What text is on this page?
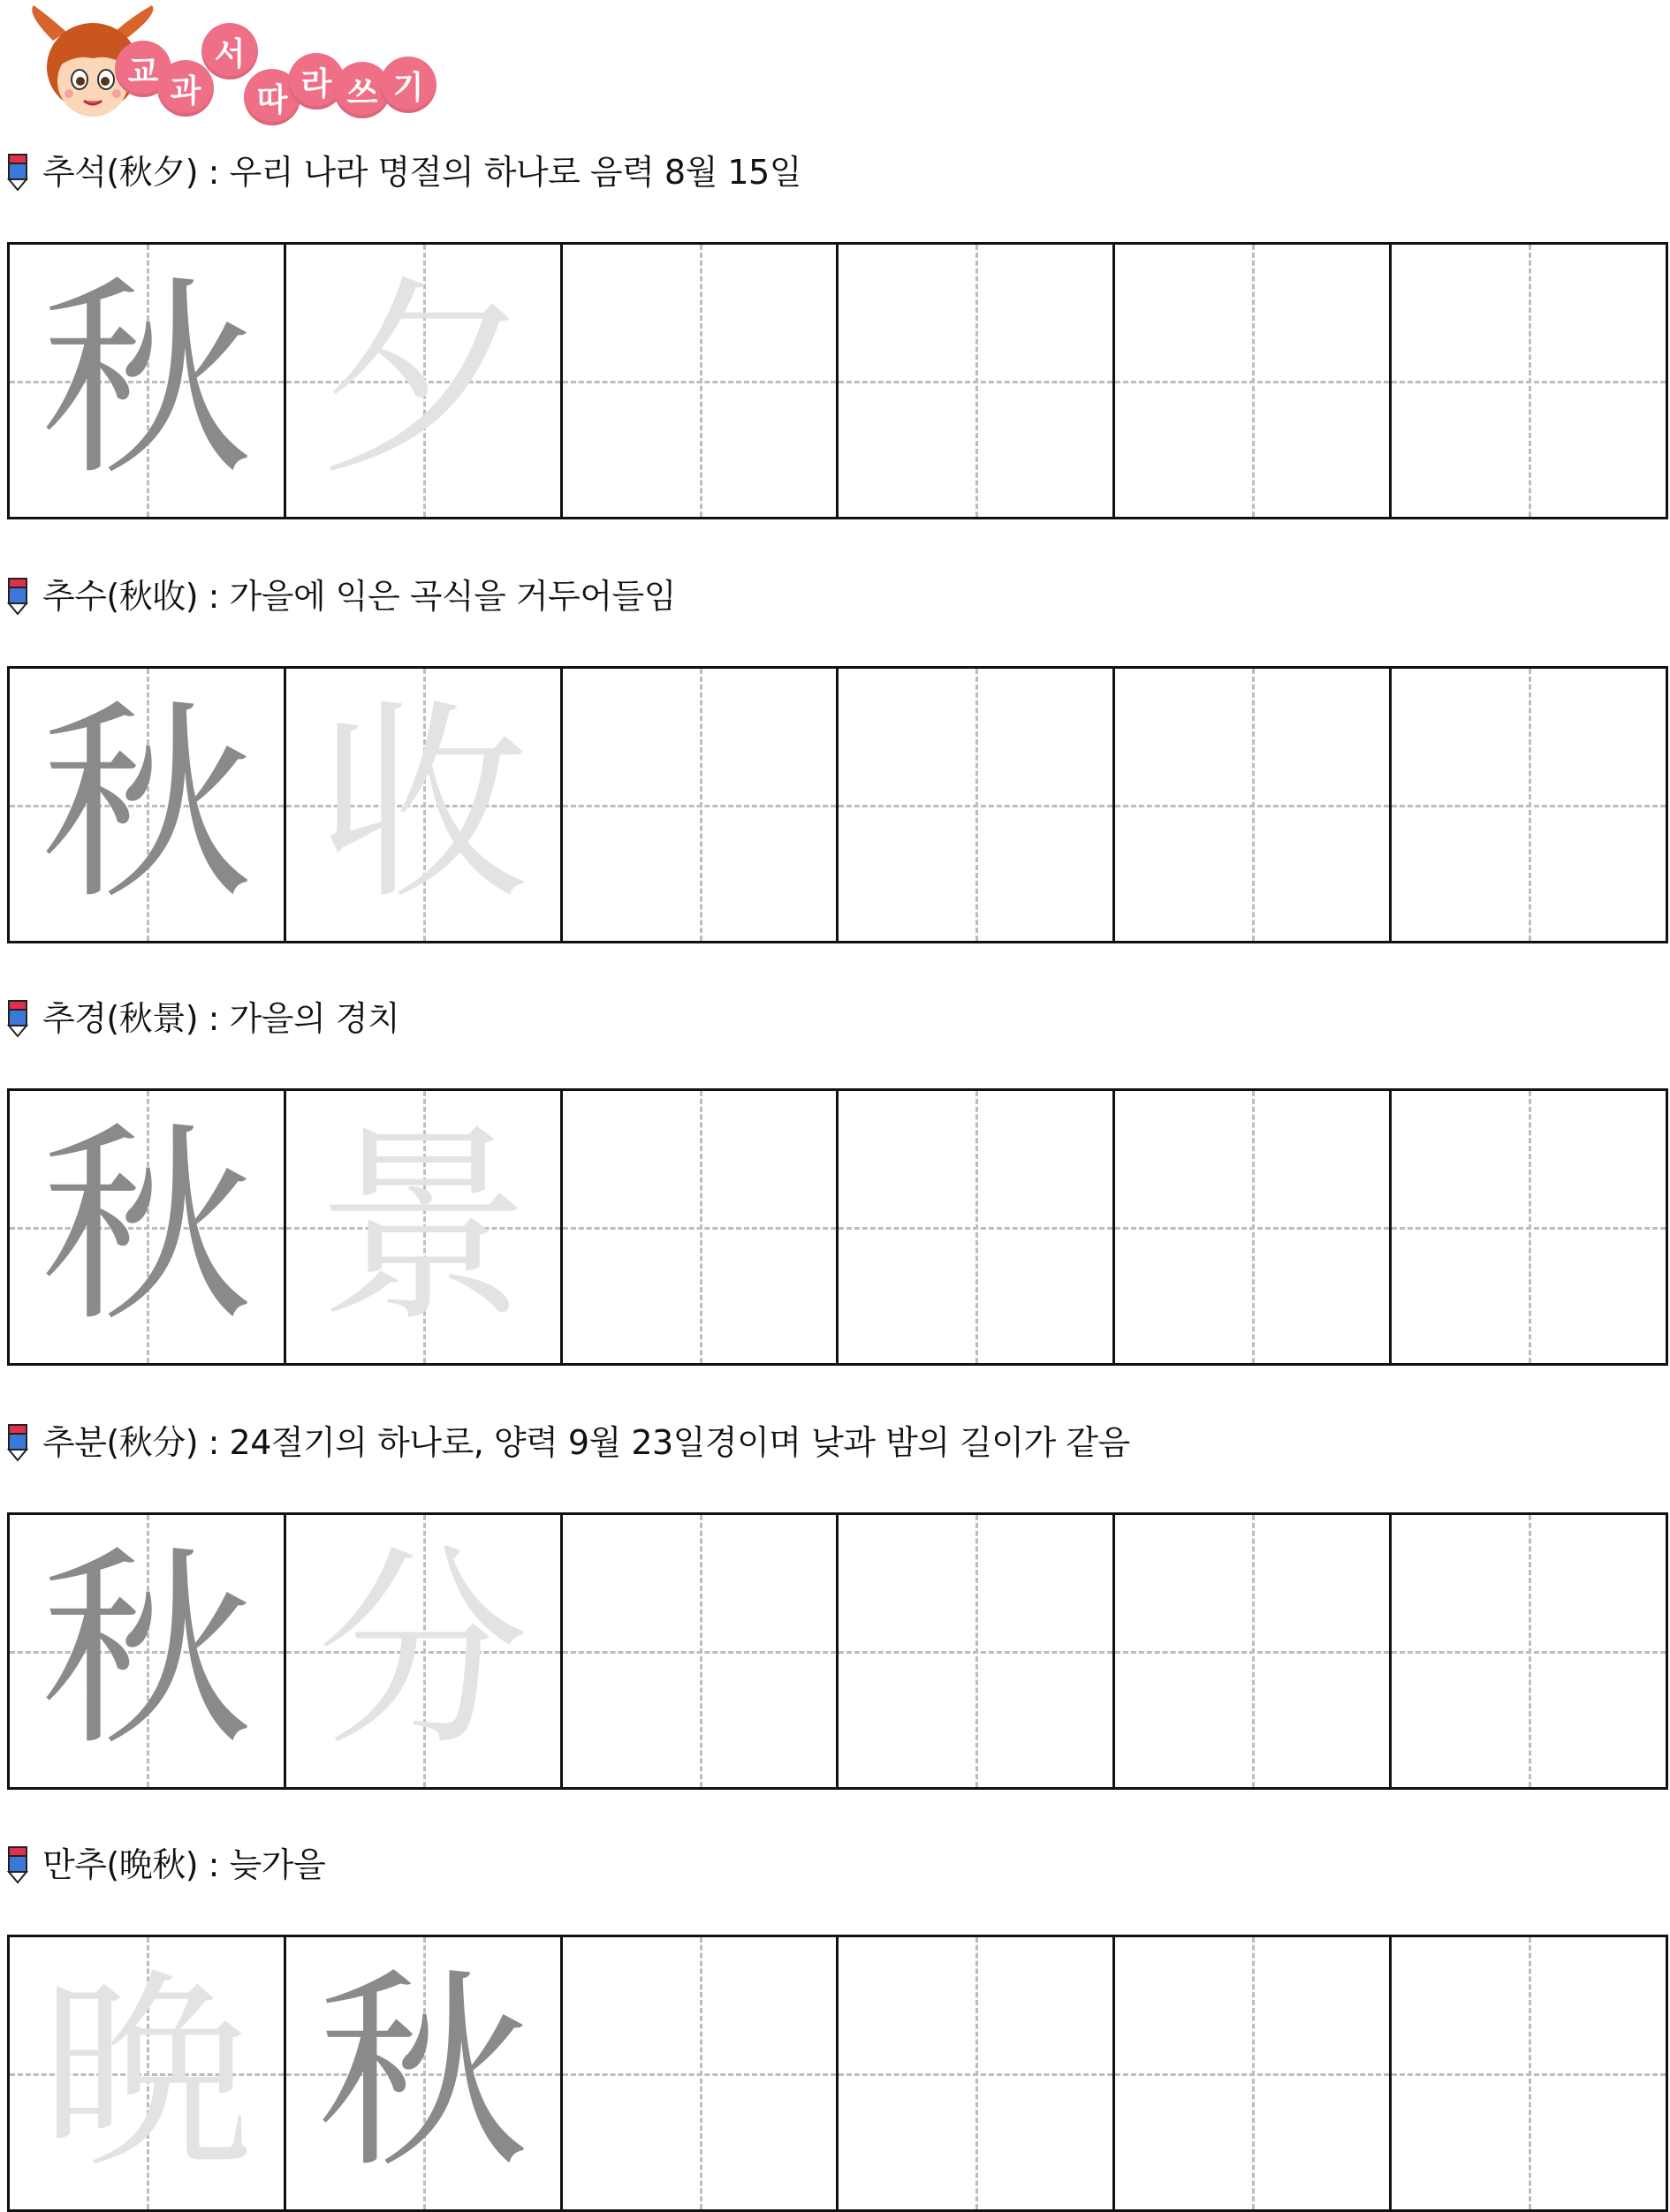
교
과
서
따 라 쓰 기
추석(秋夕) : 우리 나라 명절의 하나로 음력 8월 15일
秋 夕
추수(秋收) : 가을에 익은 곡식을 거두어들임
秋 收
추경(秋景) : 가을의 경치
秋 景
추분(秋分) : 24절기의 하나로, 양력 9월 23일경이며 낮과 밤의 길이가 같음
秋 分
만추(晩秋) : 늦가을
晩 秋
